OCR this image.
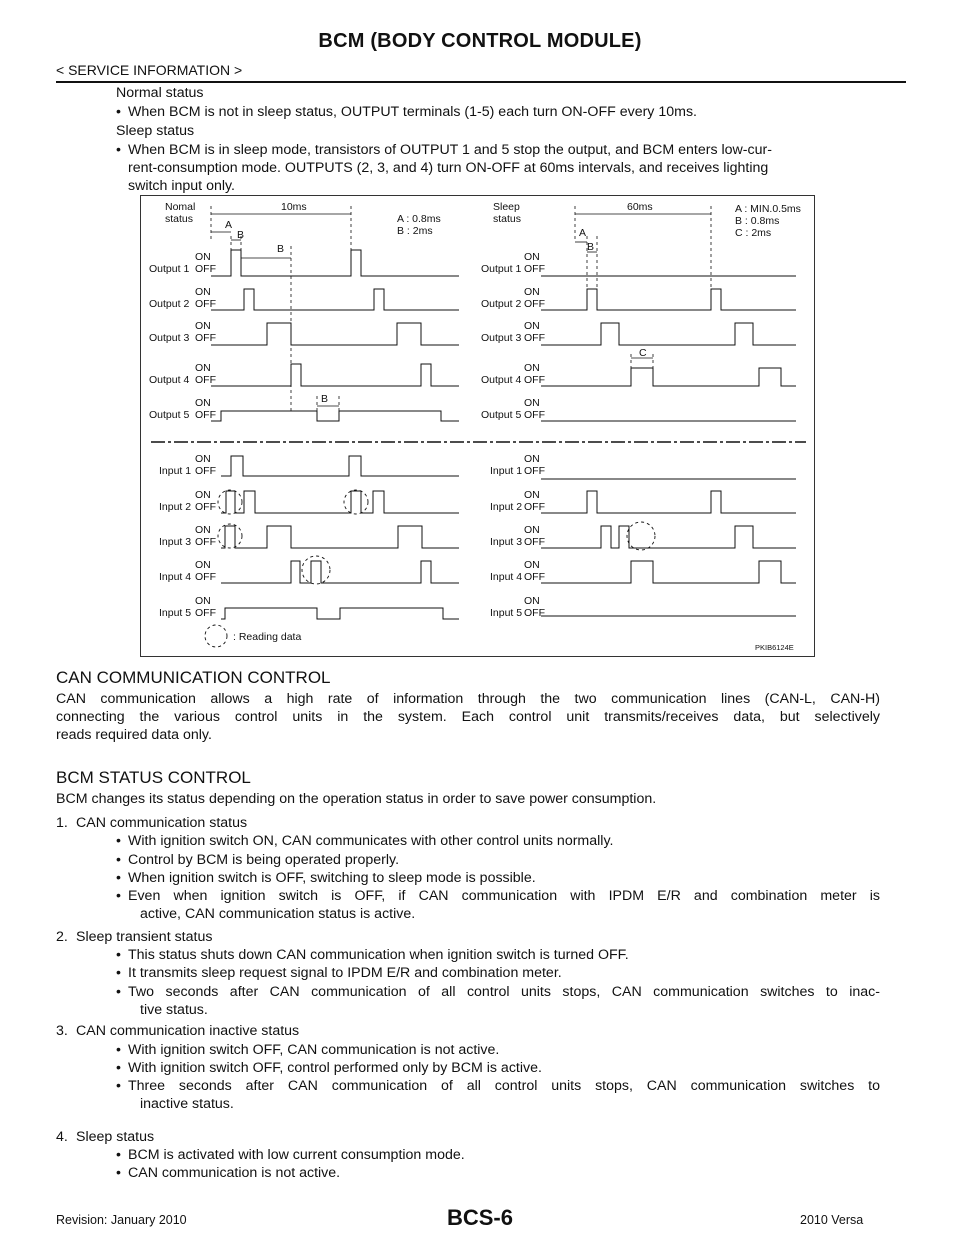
BCM (BODY CONTROL MODULE)
< SERVICE INFORMATION >
Normal status
• When BCM is not in sleep status, OUTPUT terminals (1-5) each turn ON-OFF every 10ms.
Sleep status
• When BCM is in sleep mode, transistors of OUTPUT 1 and 5 stop the output, and BCM enters low-cur-
rent-consumption mode. OUTPUTS (2, 3, and 4) turn ON-OFF at 60ms intervals, and receives lighting
switch input only.
Nomal
status
10ms
A : 0.8ms
B : 2ms
A
B
B
B
Sleep
status
60ms	A : MIN.0.5ms
B : 0.8ms
C : 2ms
A
B
C
ON
Output 1 OFF
ON
Output 2 OFF
ON
Output 3 OFF
ON
Output 4 OFF
ON
Output 5 OFF
ON
Output 1 OFF
ON
Output 2 OFF
ON
Output 3 OFF
ON
Output 4 OFF
ON
Output 5 OFF
ON
Input 1 OFF
ON
Input 2 OFF
ON
Input 3 OFF
ON
Input 4 OFF
ON
Input 5 OFF
ON
Input 1 OFF
ON
Input 2 OFF
ON
Input 3 OFF
ON
Input 4 OFF
ON
Input 5 OFF
: Reading data
PKIB6124E
CAN COMMUNICATION CONTROL
CAN communication allows a high rate of information through the two communication lines (CAN-L, CAN-H)
connecting the various control units in the system. Each control unit transmits/receives data, but selectively
reads required data only.
BCM STATUS CONTROL
BCM changes its status depending on the operation status in order to save power consumption.
1. CAN communication status
• With ignition switch ON, CAN communicates with other control units normally.
• Control by BCM is being operated properly.
• When ignition switch is OFF, switching to sleep mode is possible.
• Even when ignition switch is OFF, if CAN communication with IPDM E/R and combination meter is
active, CAN communication status is active.
2. Sleep transient status
• This status shuts down CAN communication when ignition switch is turned OFF.
• It transmits sleep request signal to IPDM E/R and combination meter.
• Two seconds after CAN communication of all control units stops, CAN communication switches to inac-
tive status.
3. CAN communication inactive status
• With ignition switch OFF, CAN communication is not active.
• With ignition switch OFF, control performed only by BCM is active.
• Three seconds after CAN communication of all control units stops, CAN communication switches to
inactive status.
4. Sleep status
• BCM is activated with low current consumption mode.
• CAN communication is not active.
Revision: January 2010	BCS-6	2010 Versa
